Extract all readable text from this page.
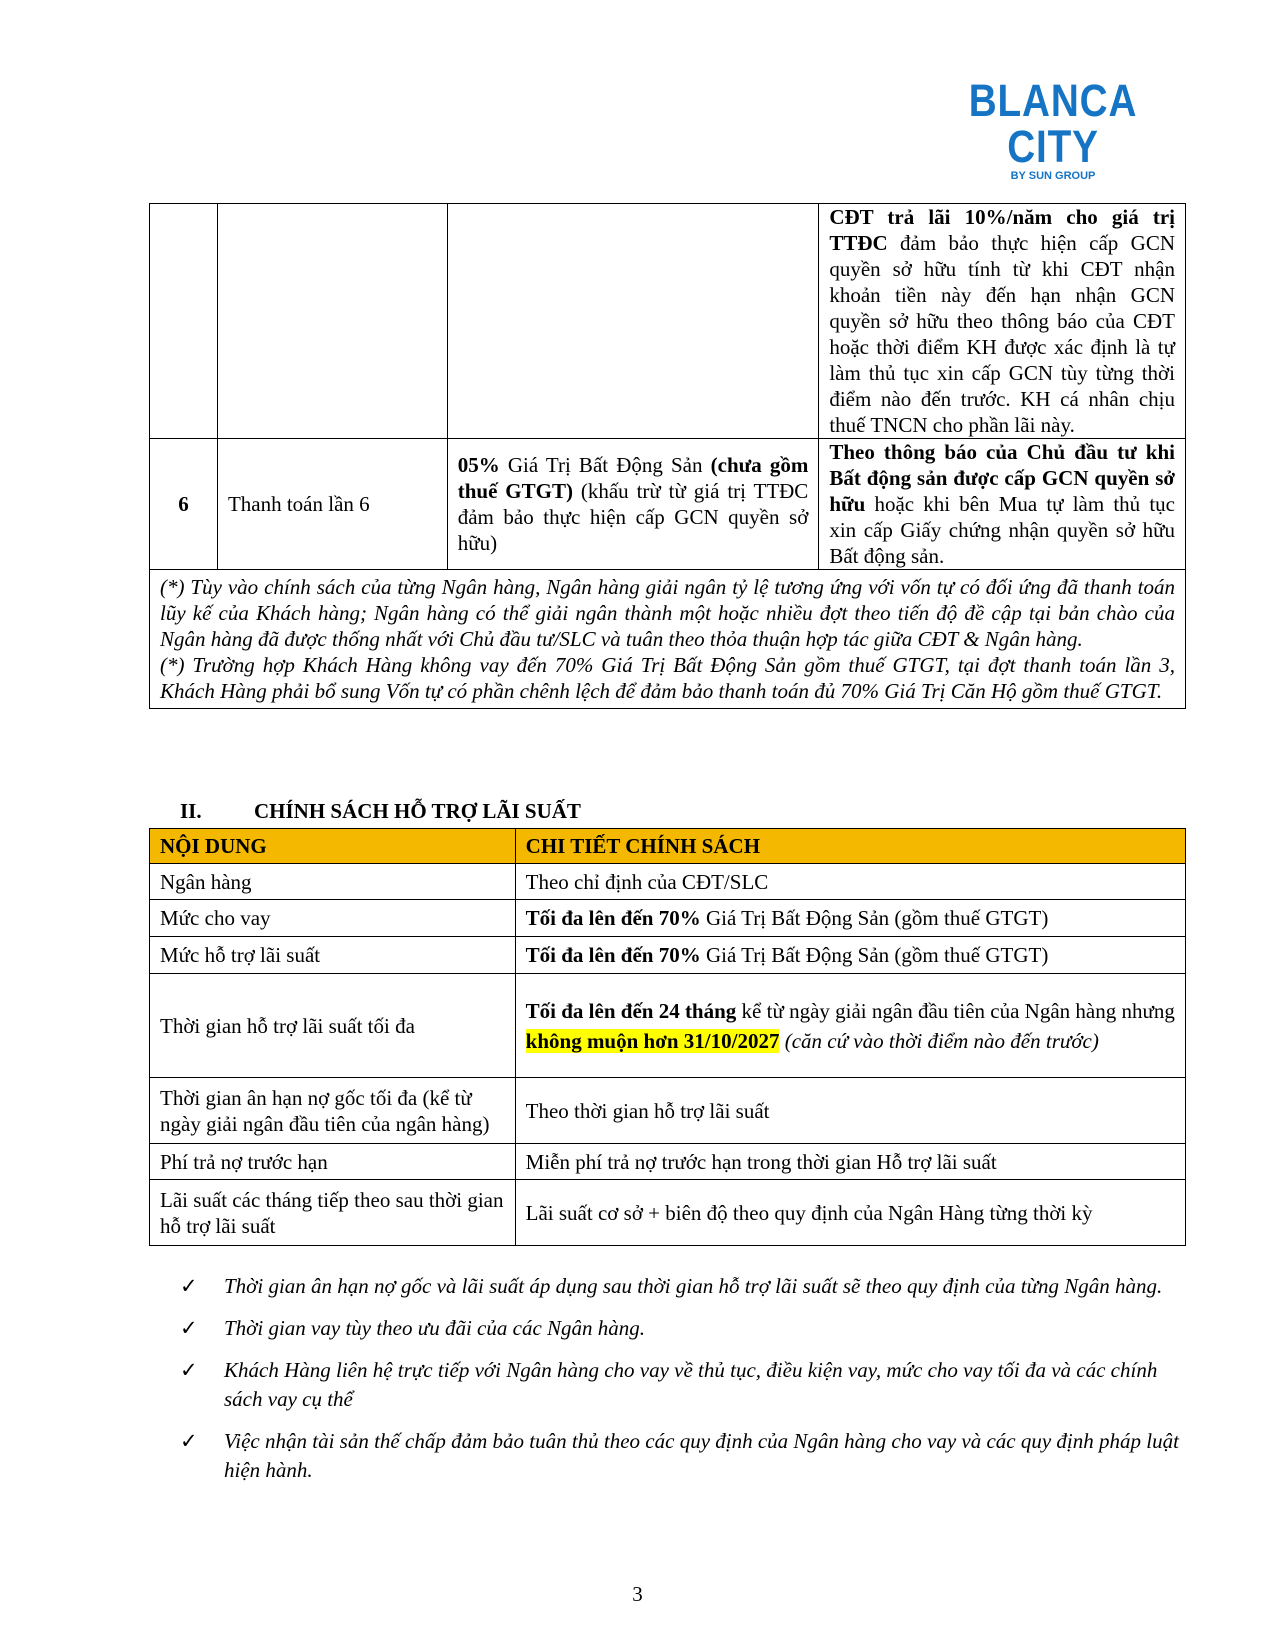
BLANCA CITY
BY SUN GROUP
			CĐT trả lãi 10%/năm cho giá trị TTĐC đảm bảo thực hiện cấp GCN quyền sở hữu tính từ khi CĐT nhận khoản tiền này đến hạn nhận GCN quyền sở hữu theo thông báo của CĐT hoặc thời điểm KH được xác định là tự làm thủ tục xin cấp GCN tùy từng thời điểm nào đến trước. KH cá nhân chịu thuế TNCN cho phần lãi này.
6	Thanh toán lần 6	05% Giá Trị Bất Động Sản (chưa gồm thuế GTGT) (khấu trừ từ giá trị TTĐC đảm bảo thực hiện cấp GCN quyền sở hữu)	Theo thông báo của Chủ đầu tư khi Bất động sản được cấp GCN quyền sở hữu hoặc khi bên Mua tự làm thủ tục xin cấp Giấy chứng nhận quyền sở hữu Bất động sản.

(*) Tùy vào chính sách của từng Ngân hàng, Ngân hàng giải ngân tỷ lệ tương ứng với vốn tự có đối ứng đã thanh toán lũy kế của Khách hàng; Ngân hàng có thể giải ngân thành một hoặc nhiều đợt theo tiến độ đề cập tại bản chào của Ngân hàng đã được thống nhất với Chủ đầu tư/SLC và tuân theo thỏa thuận hợp tác giữa CĐT & Ngân hàng.
(*) Trường hợp Khách Hàng không vay đến 70% Giá Trị Bất Động Sản gồm thuế GTGT, tại đợt thanh toán lần 3, Khách Hàng phải bổ sung Vốn tự có phần chênh lệch để đảm bảo thanh toán đủ 70% Giá Trị Căn Hộ gồm thuế GTGT.			
II. CHÍNH SÁCH HỖ TRỢ LÃI SUẤT
NỘI DUNG	CHI TIẾT CHÍNH SÁCH
Ngân hàng	Theo chỉ định của CĐT/SLC
Mức cho vay	Tối đa lên đến 70% Giá Trị Bất Động Sản (gồm thuế GTGT)
Mức hỗ trợ lãi suất	Tối đa lên đến 70% Giá Trị Bất Động Sản (gồm thuế GTGT)
Thời gian hỗ trợ lãi suất tối đa	Tối đa lên đến 24 tháng kể từ ngày giải ngân đầu tiên của Ngân hàng nhưng không muộn hơn 31/10/2027 (căn cứ vào thời điểm nào đến trước)
Thời gian ân hạn nợ gốc tối đa (kể từ ngày giải ngân đầu tiên của ngân hàng)	Theo thời gian hỗ trợ lãi suất
Phí trả nợ trước hạn	Miễn phí trả nợ trước hạn trong thời gian Hỗ trợ lãi suất
Lãi suất các tháng tiếp theo sau thời gian hỗ trợ lãi suất	Lãi suất cơ sở + biên độ theo quy định của Ngân Hàng từng thời kỳ
✓ Thời gian ân hạn nợ gốc và lãi suất áp dụng sau thời gian hỗ trợ lãi suất sẽ theo quy định của từng Ngân hàng.
✓ Thời gian vay tùy theo ưu đãi của các Ngân hàng.
✓ Khách Hàng liên hệ trực tiếp với Ngân hàng cho vay về thủ tục, điều kiện vay, mức cho vay tối đa và các chính sách vay cụ thể
✓ Việc nhận tài sản thế chấp đảm bảo tuân thủ theo các quy định của Ngân hàng cho vay và các quy định pháp luật hiện hành.
3
